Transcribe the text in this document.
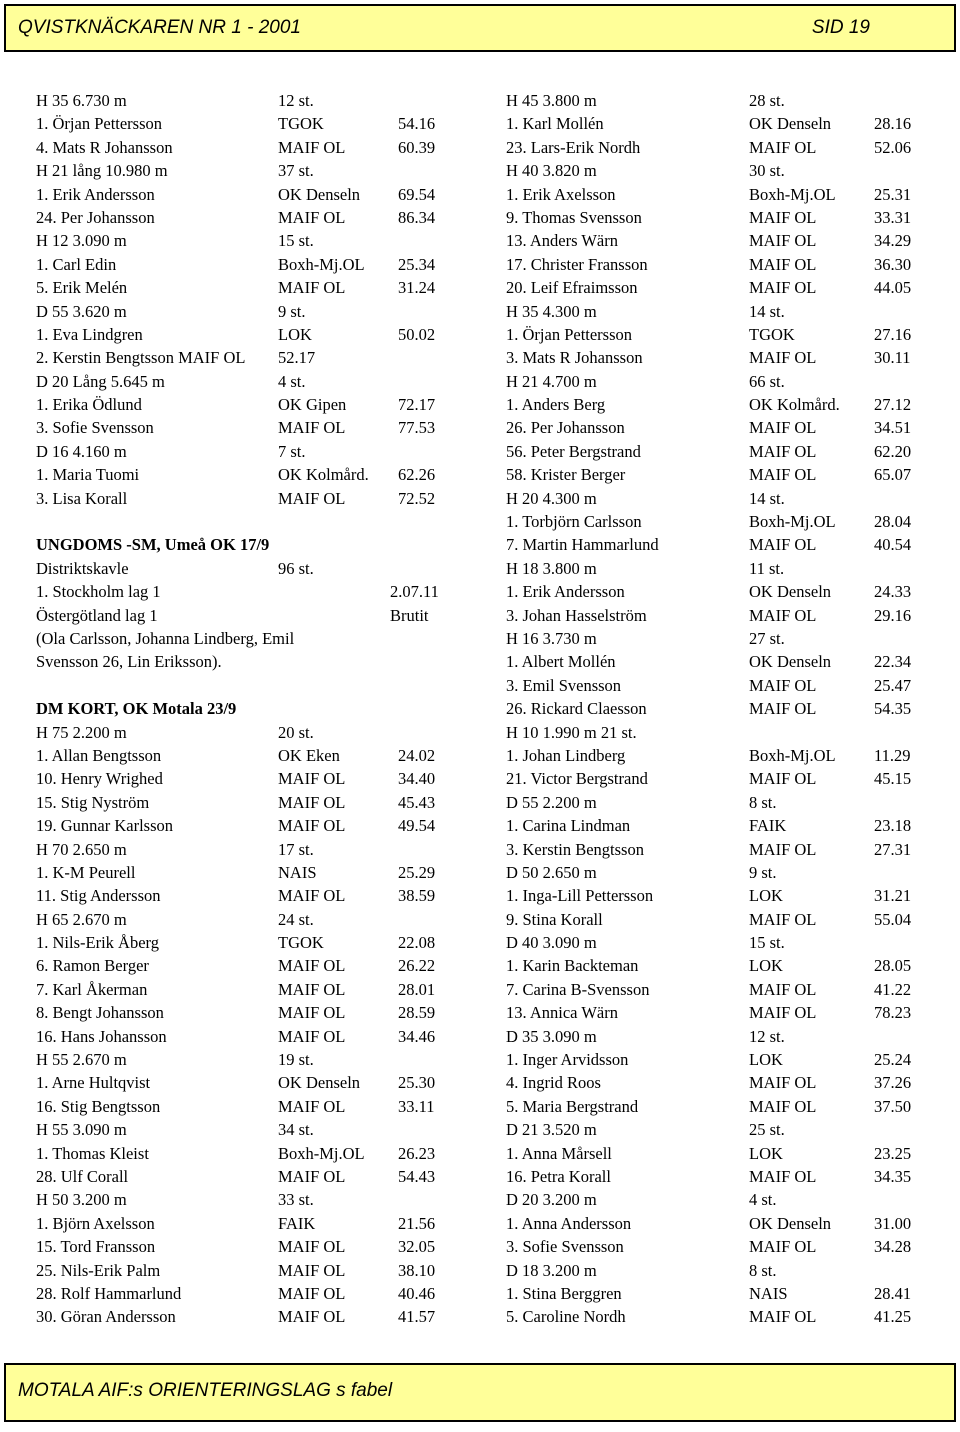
QVISTKNÄCKAREN NR 1 - 2001	SID 19
H 35 6.730 m	12 st.
1. Örjan Pettersson	TGOK	54.16
4. Mats R Johansson	MAIF OL	60.39
H 21 lång 10.980 m	37 st.
1. Erik Andersson	OK Denseln 69.54
24. Per Johansson	MAIF OL	86.34
H 12 3.090 m	15 st.
1. Carl Edin	Boxh-Mj.OL 25.34
5. Erik Melén	MAIF OL	31.24
D 55 3.620 m	9 st.
1. Eva Lindgren	LOK	50.02
2. Kerstin Bengtsson MAIF OL 52.17
D 20 Lång 5.645 m	4 st.
1. Erika Ödlund	OK Gipen	72.17
3. Sofie Svensson	MAIF OL	77.53
D 16 4.160 m	7 st.
1. Maria Tuomi	OK Kolmård. 62.26
3. Lisa Korall	MAIF OL	72.52
UNGDOMS -SM, Umeå OK 17/9
Distriktskavle	96 st.
1. Stockholm lag 1	2.07.11
Östergötland lag 1	Brutit
(Ola Carlsson, Johanna Lindberg, Emil
Svensson 26, Lin Eriksson).
DM KORT, OK Motala 23/9
H 75 2.200 m	20 st.
1. Allan Bengtsson	OK Eken	24.02
10. Henry Wrighed	MAIF OL	34.40
15. Stig Nyström	MAIF OL	45.43
19. Gunnar Karlsson	MAIF OL	49.54
H 70 2.650 m	17 st.
1. K-M Peurell	NAIS	25.29
11. Stig Andersson	MAIF OL	38.59
H 65 2.670 m	24 st.
1. Nils-Erik Åberg	TGOK	22.08
6. Ramon Berger	MAIF OL	26.22
7. Karl Åkerman	MAIF OL	28.01
8. Bengt Johansson	MAIF OL	28.59
16. Hans Johansson	MAIF OL	34.46
H 55 2.670 m	19 st.
1. Arne Hultqvist	OK Denseln 25.30
16. Stig Bengtsson	MAIF OL	33.11
H 55 3.090 m	34 st.
1. Thomas Kleist	Boxh-Mj.OL 26.23
28. Ulf Corall	MAIF OL	54.43
H 50 3.200 m	33 st.
1. Björn Axelsson	FAIK	21.56
15. Tord Fransson	MAIF OL	32.05
25. Nils-Erik Palm	MAIF OL	38.10
28. Rolf Hammarlund	MAIF OL	40.46
30. Göran Andersson	MAIF OL	41.57
H 45 3.800 m	28 st.
1. Karl Mollén	OK Denseln	28.16
23. Lars-Erik Nordh	MAIF OL	52.06
H 40 3.820 m	30 st.
1. Erik Axelsson	Boxh-Mj.OL 25.31
9. Thomas Svensson	MAIF OL	33.31
13. Anders Wärn	MAIF OL	34.29
17. Christer Fransson	MAIF OL	36.30
20. Leif Efraimsson	MAIF OL	44.05
H 35 4.300 m	14 st.
1. Örjan Pettersson	TGOK	27.16
3. Mats R Johansson	MAIF OL	30.11
H 21 4.700 m	66 st.
1. Anders Berg	OK Kolmård. 27.12
26. Per Johansson	MAIF OL	34.51
56. Peter Bergstrand	MAIF OL	62.20
58. Krister Berger	MAIF OL	65.07
H 20 4.300 m	14 st.
1. Torbjörn Carlsson	Boxh-Mj.OL 28.04
7. Martin Hammarlund	MAIF OL	40.54
H 18 3.800 m	11 st.
1. Erik Andersson	OK Denseln	24.33
3. Johan Hasselström	MAIF OL	29.16
H 16 3.730 m	27 st.
1. Albert Mollén	OK Denseln	22.34
3. Emil Svensson	MAIF OL	25.47
26. Rickard Claesson	MAIF OL	54.35
H 10 1.990 m 21 st.
1. Johan Lindberg	Boxh-Mj.OL 11.29
21. Victor Bergstrand	MAIF OL	45.15
D 55 2.200 m	8 st.
1. Carina Lindman	FAIK	23.18
3. Kerstin Bengtsson	MAIF OL	27.31
D 50 2.650 m	9 st.
1. Inga-Lill Pettersson	LOK	31.21
9. Stina Korall	MAIF OL	55.04
D 40 3.090 m	15 st.
1. Karin Backteman	LOK	28.05
7. Carina B-Svensson	MAIF OL	41.22
13. Annica Wärn	MAIF OL	78.23
D 35 3.090 m	12 st.
1. Inger Arvidsson	LOK	25.24
4. Ingrid Roos	MAIF OL	37.26
5. Maria Bergstrand	MAIF OL	37.50
D 21 3.520 m	25 st.
1. Anna Mårsell	LOK	23.25
16. Petra Korall	MAIF OL	34.35
D 20 3.200 m	4 st.
1. Anna Andersson	OK Denseln	31.00
3. Sofie Svensson	MAIF OL	34.28
D 18 3.200 m	8 st.
1. Stina Berggren	NAIS	28.41
5. Caroline Nordh	MAIF OL	41.25
MOTALA AIF:s ORIENTERINGSLAG s fabel
